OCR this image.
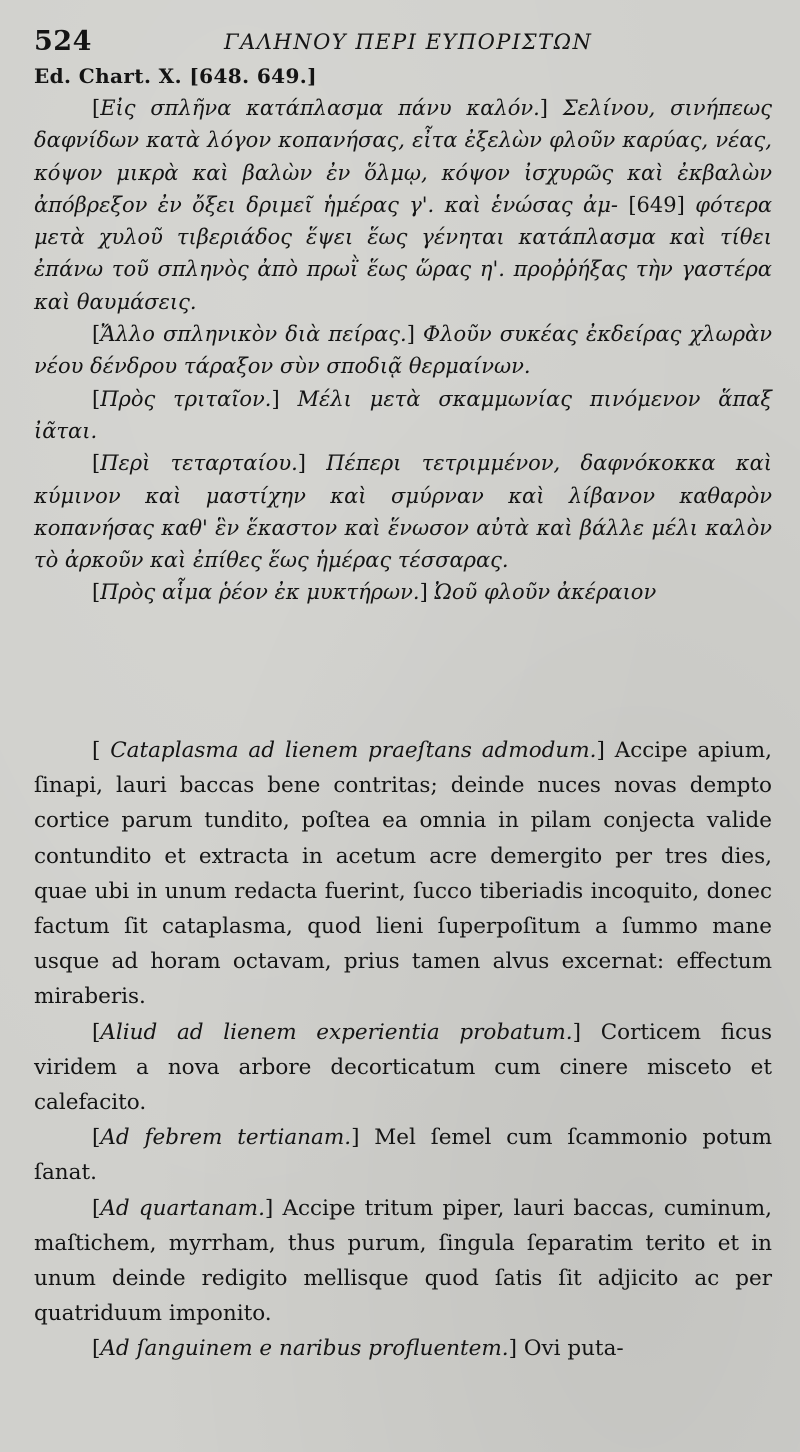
524	ΓΑΛΗΝΟΥ ΠΕΡΙ ΕΥΠΟΡΙΣΤΩΝ
Ed. Chart. X. [648. 649.]

[Εἰς σπλῆνα κατάπλασμα πάνυ καλόν.] Σελίνου, σινήπεως δαφνίδων κατὰ λόγον κοπανήσας, εἶτα ἐξελὼν φλοῦν καρύας, νέας, κόψον μικρὰ καὶ βαλὼν ἐν ὅλμῳ, κόψον ἰσχυρῶς καὶ ἐκβαλὼν ἀπόβρεξον ἐν ὄξει δριμεῖ ἡμέρας γ'. καὶ ἑνώσας ἀμ- [649] φότερα μετὰ χυλοῦ τιβεριάδος ἕψει ἕως γένηται κατάπλασμα καὶ τίθει ἐπάνω τοῦ σπληνὸς ἀπὸ πρωῒ ἕως ὥρας η'. προῤῥήξας τὴν γαστέρα καὶ θαυμάσεις.

[Ἄλλο σπληνικὸν διὰ πείρας.] Φλοῦν συκέας ἐκδείρας χλωρὰν νέου δένδρου τάραξον σὺν σποδιᾷ θερμαίνων.

[Πρὸς τριταῖον.] Μέλι μετὰ σκαμμωνίας πινόμενον ἅπαξ ἰᾶται.

[Περὶ τεταρταίου.] Πέπερι τετριμμένον, δαφνόκοκκα καὶ κύμινον καὶ μαστίχην καὶ σμύρναν καὶ λίβανον καθαρὸν κοπανήσας καθ' ἓν ἕκαστον καὶ ἕνωσον αὐτὰ καὶ βάλλε μέλι καλὸν τὸ ἀρκοῦν καὶ ἐπίθες ἕως ἡμέρας τέσσαρας.

[Πρὸς αἷμα ῥέον ἐκ μυκτήρων.] Ὠοῦ φλοῦν ἀκέραιον

[ Cataplasma ad lienem praeſtans admodum.] Accipe apium, ſinapi, lauri baccas bene contritas; deinde nuces novas dempto cortice parum tundito, poſtea ea omnia in pilam conjecta valide contundito et extracta in acetum acre demergito per tres dies, quae ubi in unum redacta fuerint, ſucco tiberiadis incoquito, donec factum ſit cataplasma, quod lieni ſuperpoſitum a ſummo mane usque ad horam octavam, prius tamen alvus excernat: effectum miraberis.

[Aliud ad lienem experientia probatum.] Corticem ficus viridem a nova arbore decorticatum cum cinere misceto et calefacito.

[Ad febrem tertianam.] Mel ſemel cum ſcammonio potum ſanat.

[Ad quartanam.] Accipe tritum piper, lauri baccas, cuminum, maſtichem, myrrham, thus purum, ſingula ſeparatim terito et in unum deinde redigito mellisque quod ſatis ſit adjicito ac per quatriduum imponito.

[Ad ſanguinem e naribus profluentem.] Ovi puta-
